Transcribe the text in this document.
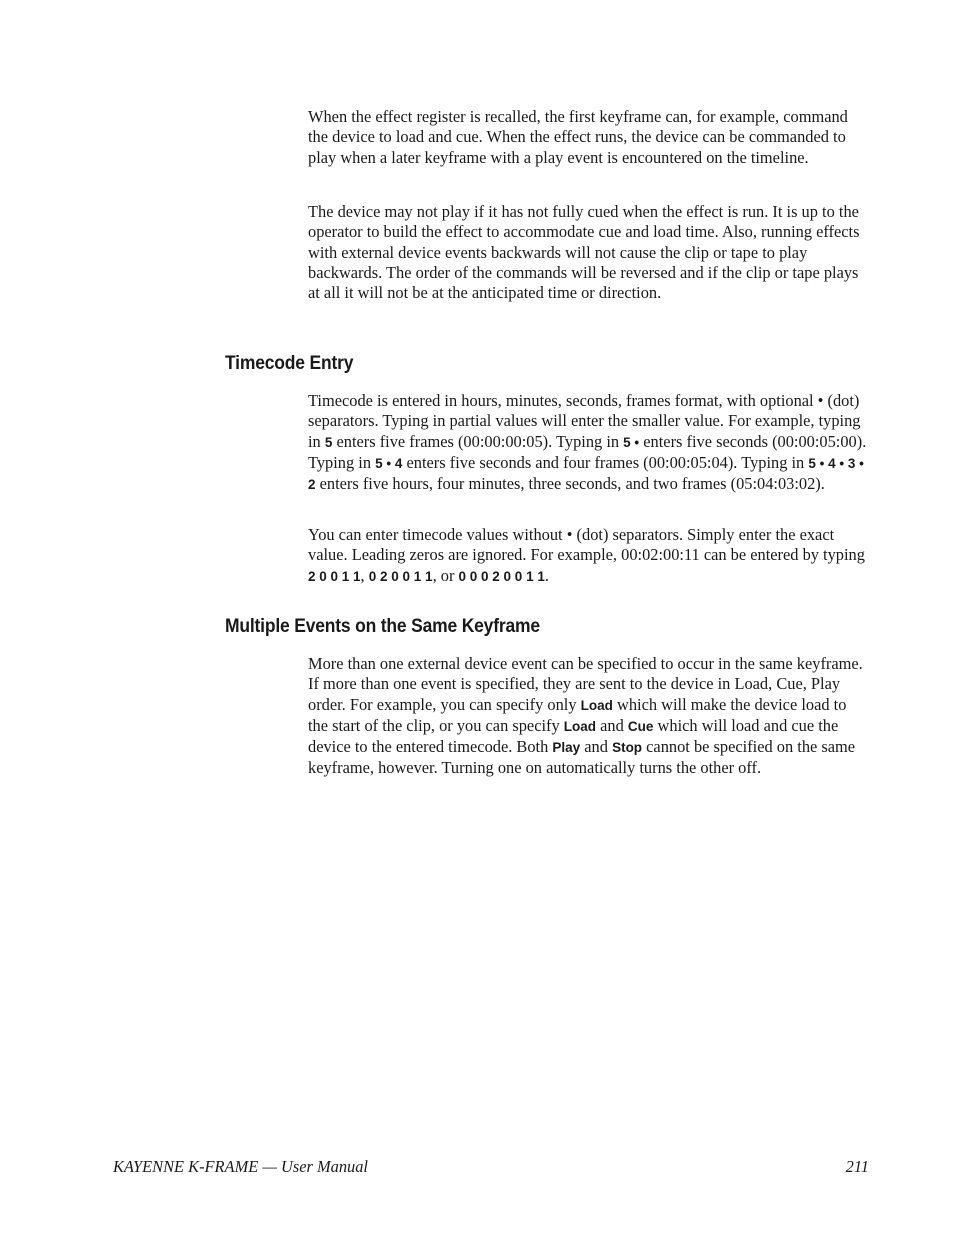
When the effect register is recalled, the first keyframe can, for example, command the device to load and cue. When the effect runs, the device can be commanded to play when a later keyframe with a play event is encountered on the timeline.

The device may not play if it has not fully cued when the effect is run. It is up to the operator to build the effect to accommodate cue and load time. Also, running effects with external device events backwards will not cause the clip or tape to play backwards. The order of the commands will be reversed and if the clip or tape plays at all it will not be at the anticipated time or direction.

Timecode Entry

Timecode is entered in hours, minutes, seconds, frames format, with optional • (dot) separators. Typing in partial values will enter the smaller value. For example, typing in 5 enters five frames (00:00:00:05). Typing in 5 • enters five seconds (00:00:05:00). Typing in 5 • 4 enters five seconds and four frames (00:00:05:04). Typing in 5 • 4 • 3 • 2 enters five hours, four minutes, three seconds, and two frames (05:04:03:02).

You can enter timecode values without • (dot) separators. Simply enter the exact value. Leading zeros are ignored. For example, 00:02:00:11 can be entered by typing 2 0 0 1 1, 0 2 0 0 1 1, or 0 0 0 2 0 0 1 1.

Multiple Events on the Same Keyframe

More than one external device event can be specified to occur in the same keyframe. If more than one event is specified, they are sent to the device in Load, Cue, Play order. For example, you can specify only Load which will make the device load to the start of the clip, or you can specify Load and Cue which will load and cue the device to the entered timecode. Both Play and Stop cannot be specified on the same keyframe, however. Turning one on automatically turns the other off.

KAYENNE K-FRAME — User Manual	211
